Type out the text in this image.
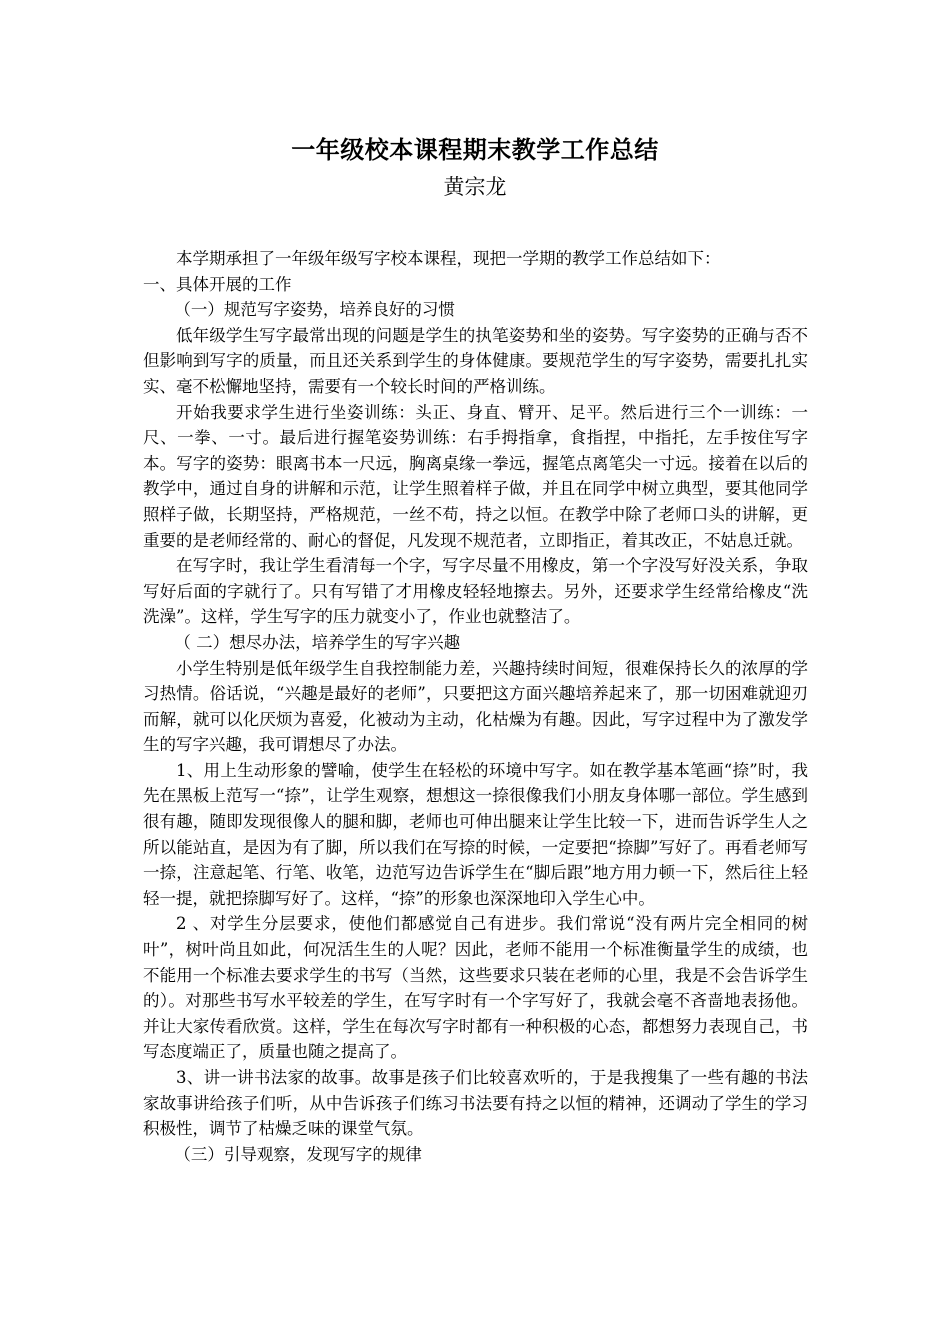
一年级校本课程期末教学工作总结
黄宗龙

本学期承担了一年级年级写字校本课程，现把一学期的教学工作总结如下：

一、具体开展的工作

（一）规范写字姿势，培养良好的习惯

低年级学生写字最常出现的问题是学生的执笔姿势和坐的姿势。写字姿势的正确与否不但影响到写字的质量，而且还关系到学生的身体健康。要规范学生的写字姿势，需要扎扎实实、毫不松懈地坚持，需要有一个较长时间的严格训练。

开始我要求学生进行坐姿训练：头正、身直、臂开、足平。然后进行三个一训练：一尺、一拳、一寸。最后进行握笔姿势训练：右手拇指拿，食指捏，中指托，左手按住写字本。写字的姿势：眼离书本一尺远，胸离桌缘一拳远，握笔点离笔尖一寸远。接着在以后的教学中，通过自身的讲解和示范，让学生照着样子做，并且在同学中树立典型，要其他同学照样子做，长期坚持，严格规范，一丝不苟，持之以恒。在教学中除了老师口头的讲解，更重要的是老师经常的、耐心的督促，凡发现不规范者，立即指正，着其改正，不姑息迁就。

在写字时，我让学生看清每一个字，写字尽量不用橡皮，第一个字没写好没关系，争取写好后面的字就行了。只有写错了才用橡皮轻轻地擦去。另外，还要求学生经常给橡皮“洗洗澡”。这样，学生写字的压力就变小了，作业也就整洁了。

（ 二）想尽办法，培养学生的写字兴趣

小学生特别是低年级学生自我控制能力差，兴趣持续时间短，很难保持长久的浓厚的学习热情。俗话说，“兴趣是最好的老师”，只要把这方面兴趣培养起来了，那一切困难就迎刃而解，就可以化厌烦为喜爱，化被动为主动，化枯燥为有趣。因此，写字过程中为了激发学生的写字兴趣，我可谓想尽了办法。

1、用上生动形象的譬喻，使学生在轻松的环境中写字。如在教学基本笔画“捺”时，我先在黑板上范写一“捺”，让学生观察，想想这一捺很像我们小朋友身体哪一部位。学生感到很有趣，随即发现很像人的腿和脚，老师也可伸出腿来让学生比较一下，进而告诉学生人之所以能站直，是因为有了脚，所以我们在写捺的时候，一定要把“捺脚”写好了。再看老师写一捺，注意起笔、行笔、收笔，边范写边告诉学生在“脚后跟”地方用力顿一下，然后往上轻轻一提，就把捺脚写好了。这样，“捺”的形象也深深地印入学生心中。

2 、对学生分层要求，使他们都感觉自己有进步。我们常说“没有两片完全相同的树叶”，树叶尚且如此，何况活生生的人呢？因此，老师不能用一个标准衡量学生的成绩，也不能用一个标准去要求学生的书写（当然，这些要求只装在老师的心里，我是不会告诉学生的）。对那些书写水平较差的学生，在写字时有一个字写好了，我就会毫不吝啬地表扬他。并让大家传看欣赏。这样，学生在每次写字时都有一种积极的心态，都想努力表现自己，书写态度端正了，质量也随之提高了。

3、讲一讲书法家的故事。故事是孩子们比较喜欢听的，于是我搜集了一些有趣的书法家故事讲给孩子们听，从中告诉孩子们练习书法要有持之以恒的精神，还调动了学生的学习积极性，调节了枯燥乏味的课堂气氛。

（三）引导观察，发现写字的规律
